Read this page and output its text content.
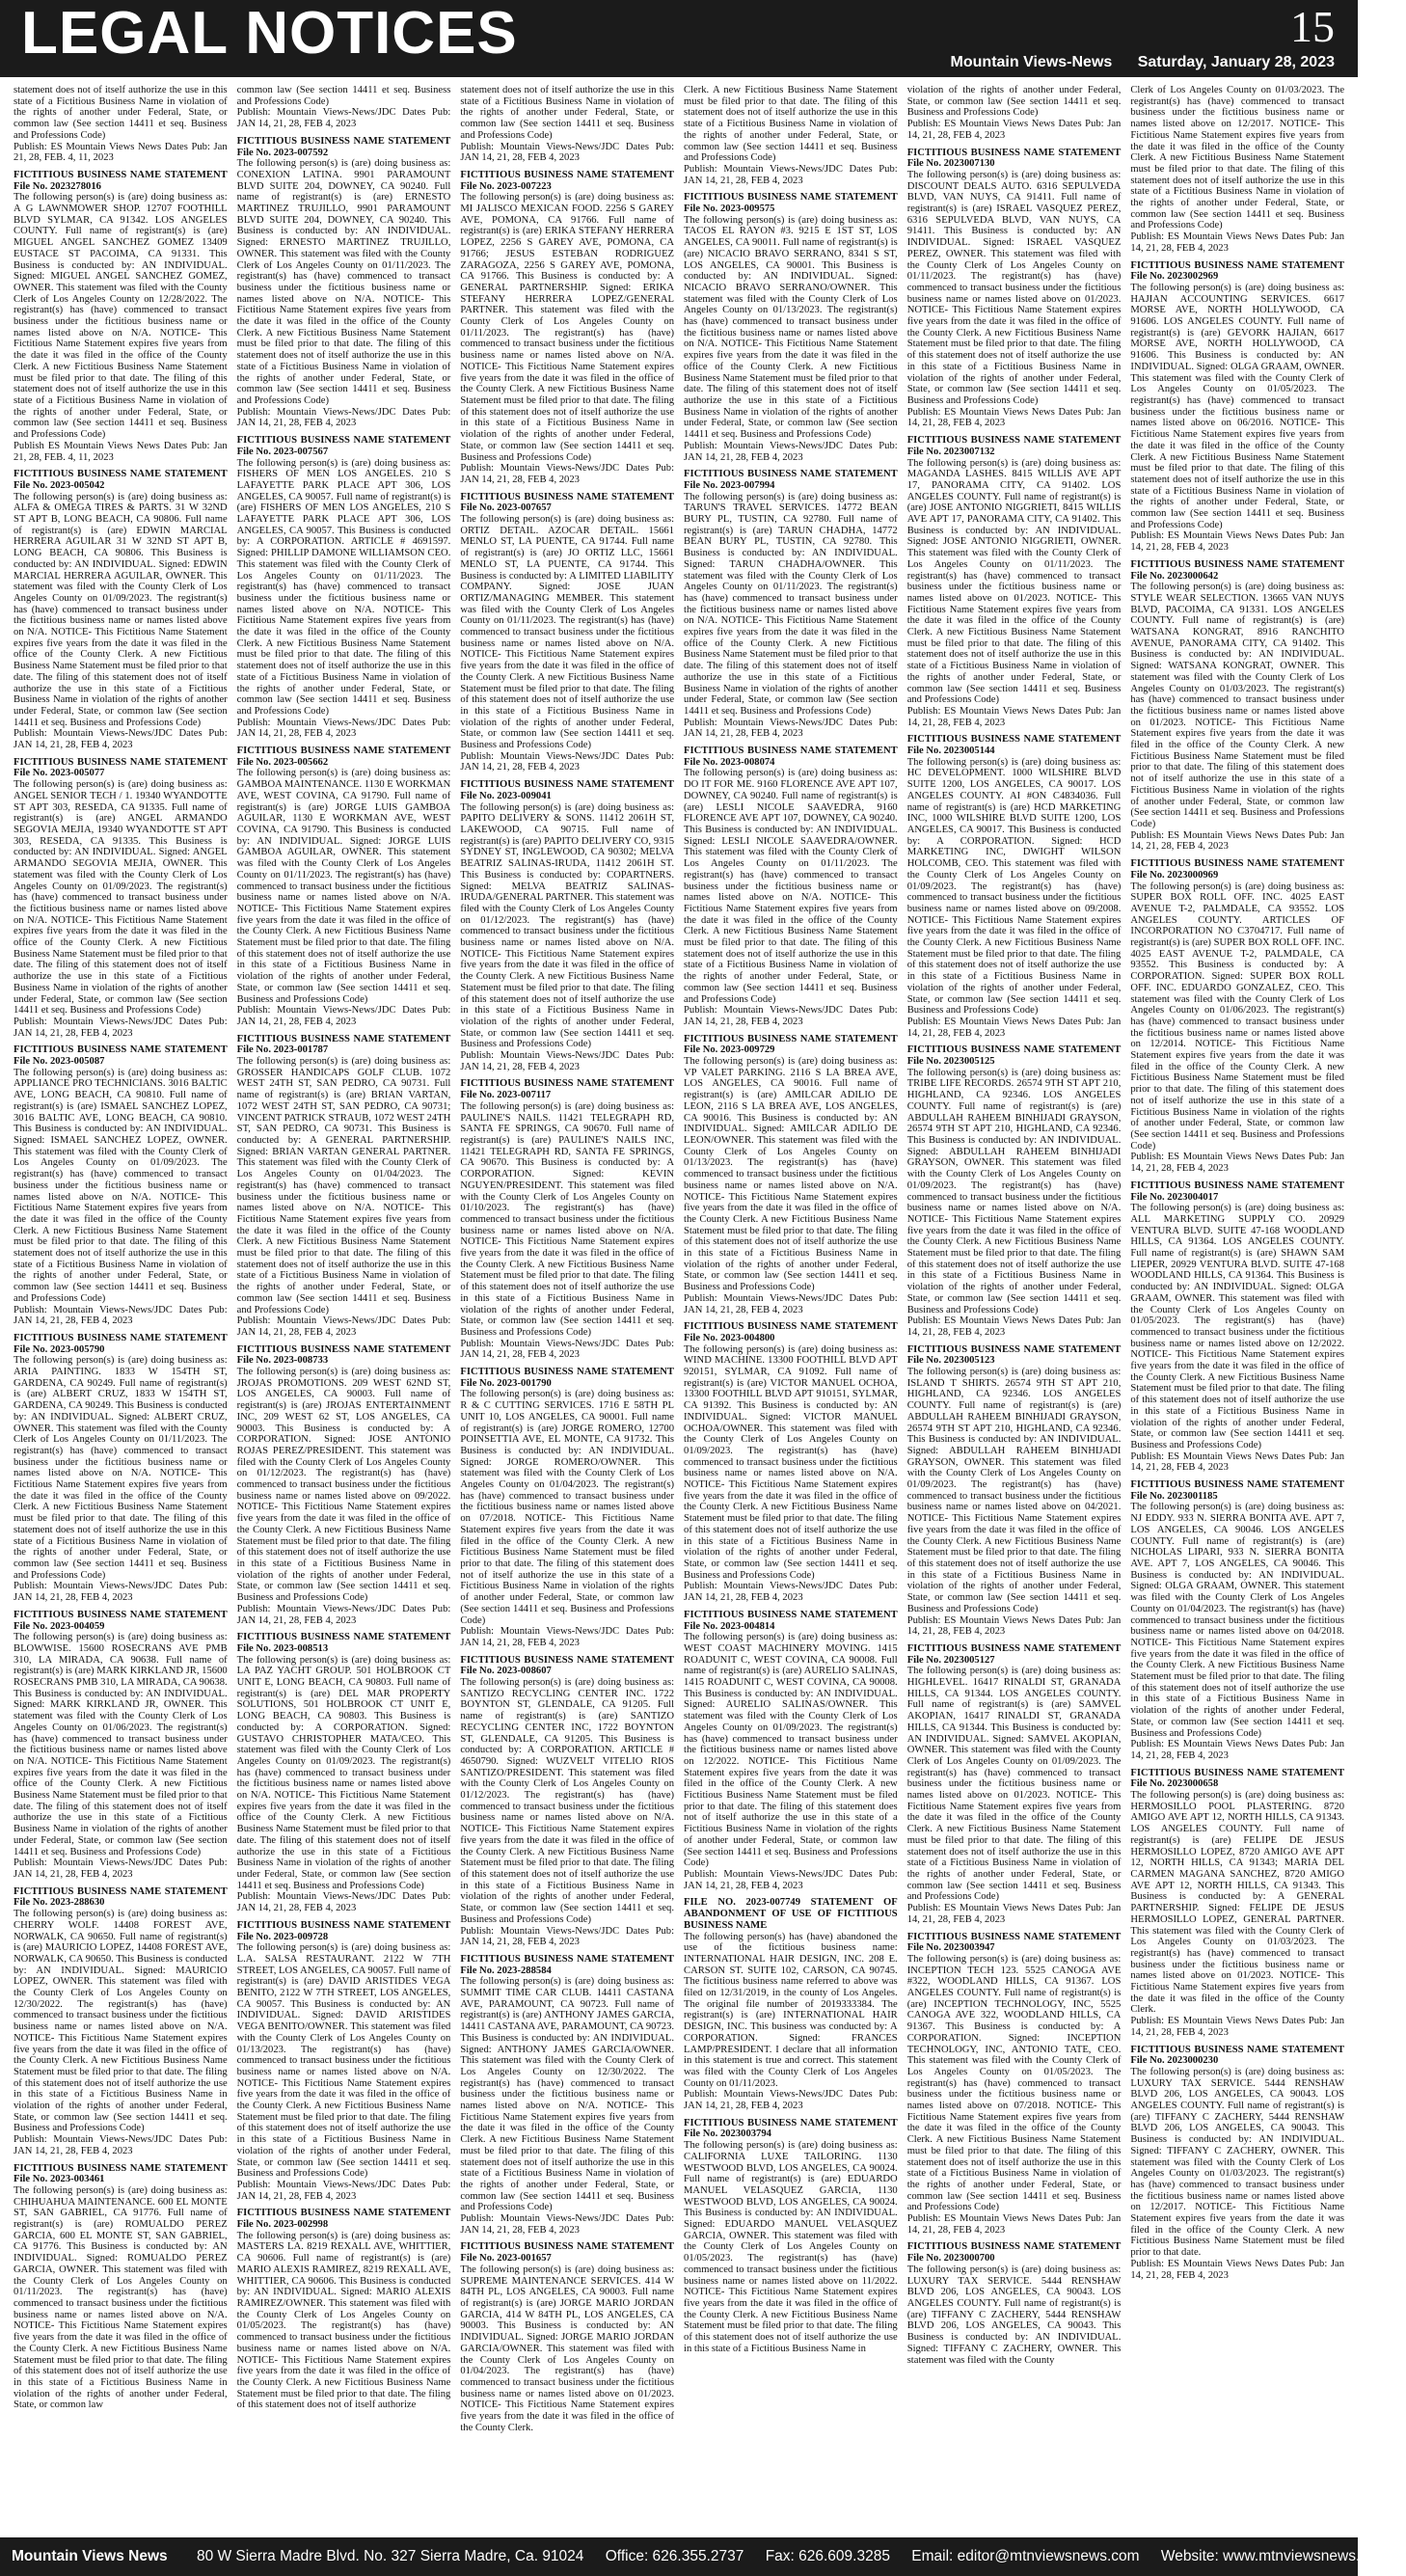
LEGAL NOTICES	15
Mountain Views-News Saturday, January 28, 2023

statement does not of itself authorize the use in this state of a Fictitious Business Name in violation of the rights of another under Federal, State, or common law (See section 14411 et seq. Business and Professions Code)

Publish: ES Mountain Views News Dates Pub: Jan 21, 28, FEB. 4, 11, 2023

FICTITIOUS BUSINESS NAME STATEMENT File No. 2023278016

The following person(s) is (are) doing business as: A G LAWNMOWER SHOP. 12707 FOOTHILL BLVD SYLMAR, CA 91342. LOS ANGELES COUNTY. Full name of registrant(s) is (are) MIGUEL ANGEL SANCHEZ GOMEZ 13409 EUSTACE ST PACOIMA, CA 91331. This Business is conducted by: AN INDIVIDUAL. Signed: MIGUEL ANGEL SANCHEZ GOMEZ, OWNER. This statement was filed with the County Clerk of Los Angeles County on 12/28/2022. The registrant(s) has (have) commenced to transact business under the fictitious business name or names listed above on N/A. NOTICE- This Fictitious Name Statement expires five years from the date it was filed in the office of the County Clerk. A new Fictitious Business Name Statement must be filed prior to that date. The filing of this statement does not of itself authorize the use in this state of a Fictitious Business Name in violation of the rights of another under Federal, State, or common law (See section 14411 et seq. Business and Professions Code)

Publish ES Mountain Views News Dates Pub: Jan 21, 28, FEB. 4, 11, 2023

FICTITIOUS BUSINESS NAME STATEMENT File No. 2023-005042

The following person(s) is (are) doing business as: ALFA & OMEGA TIRES & PARTS. 31 W 32ND ST APT B, LONG BEACH, CA 90806. Full name of registrant(s) is (are) EDWIN MARCIAL HERRERA AGUILAR 31 W 32ND ST APT B, LONG BEACH, CA 90806. This Business is conducted by: AN INDIVIDUAL. Signed: EDWIN MARCIAL HERRERA AGUILAR, OWNER. This statement was filed with the County Clerk of Los Angeles County on 01/09/2023. The registrant(s) has (have) commenced to transact business under the fictitious business name or names listed above on N/A. NOTICE- This Fictitious Name Statement expires five years from the date it was filed in the office of the County Clerk. A new Fictitious Business Name Statement must be filed prior to that date. The filing of this statement does not of itself authorize the use in this state of a Fictitious Business Name in violation of the rights of another under Federal, State, or common law (See section 14411 et seq. Business and Professions Code)

Publish: Mountain Views-News/JDC Dates Pub: JAN 14, 21, 28, FEB 4, 2023

FICTITIOUS BUSINESS NAME STATEMENT File No. 2023-005077

The following person(s) is (are) doing business as: ANGEL SENIOR TECH / 1. 19340 WYANDOTTE ST APT 303, RESEDA, CA 91335. Full name of registrant(s) is (are) ANGEL ARMANDO SEGOVIA MEJIA, 19340 WYANDOTTE ST APT 303, RESEDA, CA 91335. This Business is conducted by: AN INDIVIDUAL. Signed: ANGEL ARMANDO SEGOVIA MEJIA, OWNER. This statement was filed with the County Clerk of Los Angeles County on 01/09/2023. The registrant(s) has (have) commenced to transact business under the fictitious business name or names listed above on N/A. NOTICE- This Fictitious Name Statement expires five years from the date it was filed in the office of the County Clerk. A new Fictitious Business Name Statement must be filed prior to that date. The filing of this statement does not of itself authorize the use in this state of a Fictitious Business Name in violation of the rights of another under Federal, State, or common law (See section 14411 et seq. Business and Professions Code)

Publish: Mountain Views-News/JDC Dates Pub: JAN 14, 21, 28, FEB 4, 2023

FICTITIOUS BUSINESS NAME STATEMENT File No. 2023-005087

The following person(s) is (are) doing business as: APPLIANCE PRO TECHNICIANS. 3016 BALTIC AVE, LONG BEACH, CA 90810. Full name of registrant(s) is (are) ISMAEL SANCHEZ LOPEZ, 3016 BALTIC AVE, LONG BEACH, CA 90810. This Business is conducted by: AN INDIVIDUAL. Signed: ISMAEL SANCHEZ LOPEZ, OWNER. This statement was filed with the County Clerk of Los Angeles County on 01/09/2023. The registrant(s) has (have) commenced to transact business under the fictitious business name or names listed above on N/A. NOTICE- This Fictitious Name Statement expires five years from the date it was filed in the office of the County Clerk. A new Fictitious Business Name Statement must be filed prior to that date. The filing of this statement does not of itself authorize the use in this state of a Fictitious Business Name in violation of the rights of another under Federal, State, or common law (See section 14411 et seq. Business and Professions Code)

Publish: Mountain Views-News/JDC Dates Pub: JAN 14, 21, 28, FEB 4, 2023

FICTITIOUS BUSINESS NAME STATEMENT File No. 2023-005790

The following person(s) is (are) doing business as: ARIA PAINTING. 1833 W 154TH ST, GARDENA, CA 90249. Full name of registrant(s) is (are) ALBERT CRUZ, 1833 W 154TH ST, GARDENA, CA 90249. This Business is conducted by: AN INDIVIDUAL. Signed: ALBERT CRUZ, OWNER. This statement was filed with the County Clerk of Los Angeles County on 01/11/2023. The registrant(s) has (have) commenced to transact business under the fictitious business name or names listed above on N/A. NOTICE- This Fictitious Name Statement expires five years from the date it was filed in the office of the County Clerk. A new Fictitious Business Name Statement must be filed prior to that date. The filing of this statement does not of itself authorize the use in this state of a Fictitious Business Name in violation of the rights of another under Federal, State, or common law (See section 14411 et seq. Business and Professions Code)

Publish: Mountain Views-News/JDC Dates Pub: JAN 14, 21, 28, FEB 4, 2023

FICTITIOUS BUSINESS NAME STATEMENT File No. 2023-004059

The following person(s) is (are) doing business as: BLOWWISE. 15600 ROSECRANS AVE PMB 310, LA MIRADA, CA 90638. Full name of registrant(s) is (are) MARK KIRKLAND JR, 15600 ROSECRANS PMB 310, LA MIRADA, CA 90638. This Business is conducted by: AN INDIVIDUAL. Signed: MARK KIRKLAND JR, OWNER. This statement was filed with the County Clerk of Los Angeles County on 01/06/2023. The registrant(s) has (have) commenced to transact business under the fictitious business name or names listed above on N/A. NOTICE- This Fictitious Name Statement expires five years from the date it was filed in the office of the County Clerk. A new Fictitious Business Name Statement must be filed prior to that date. The filing of this statement does not of itself authorize the use in this state of a Fictitious Business Name in violation of the rights of another under Federal, State, or common law (See section 14411 et seq. Business and Professions Code)

Publish: Mountain Views-News/JDC Dates Pub: JAN 14, 21, 28, FEB 4, 2023

FICTITIOUS BUSINESS NAME STATEMENT File No. 2023-288630

The following person(s) is (are) doing business as: CHERRY WOLF. 14408 FOREST AVE, NORWALK, CA 90650. Full name of registrant(s) is (are) MAURICIO LOPEZ, 14408 FOREST AVE, NORWALK, CA 90650. This Business is conducted by: AN INDIVIDUAL. Signed: MAURICIO LOPEZ, OWNER. This statement was filed with the County Clerk of Los Angeles County on 12/30/2022. The registrant(s) has (have) commenced to transact business under the fictitious business name or names listed above on N/A. NOTICE- This Fictitious Name Statement expires five years from the date it was filed in the office of the County Clerk. A new Fictitious Business Name Statement must be filed prior to that date. The filing of this statement does not of itself authorize the use in this state of a Fictitious Business Name in violation of the rights of another under Federal, State, or common law (See section 14411 et seq. Business and Professions Code)

Publish: Mountain Views-News/JDC Dates Pub: JAN 14, 21, 28, FEB 4, 2023

FICTITIOUS BUSINESS NAME STATEMENT File No. 2023-003461

The following person(s) is (are) doing business as: CHIHUAHUA MAINTENANCE. 600 EL MONTE ST, SAN GABRIEL, CA 91776. Full name of registrant(s) is (are) ROMUALDO PEREZ GARCIA, 600 EL MONTE ST, SAN GABRIEL, CA 91776. This Business is conducted by: AN INDIVIDUAL. Signed: ROMUALDO PEREZ GARCIA, OWNER. This statement was filed with the County Clerk of Los Angeles County on 01/11/2023. The registrant(s) has (have) commenced to transact business under the fictitious business name or names listed above on N/A. NOTICE- This Fictitious Name Statement expires five years from the date it was filed in the office of the County Clerk. A new Fictitious Business Name Statement must be filed prior to that date. The filing of this statement does not of itself authorize the use in this state of a Fictitious Business Name in violation of the rights of another under Federal, State, or common law

common law (See section 14411 et seq. Business and Professions Code)

Publish: Mountain Views-News/JDC Dates Pub: JAN 14, 21, 28, FEB 4, 2023

FICTITIOUS BUSINESS NAME STATEMENT File No. 2023-007592

The following person(s) is (are) doing business as: CONEXION LATINA. 9901 PARAMOUNT BLVD SUITE 204, DOWNEY, CA 90240. Full name of registrant(s) is (are) ERNESTO MARTINEZ TRUJILLO, 9901 PARAMOUNT BLVD SUITE 204, DOWNEY, CA 90240. This Business is conducted by: AN INDIVIDUAL. Signed: ERNESTO MARTINEZ TRUJILLO, OWNER. This statement was filed with the County Clerk of Los Angeles County on 01/11/2023. The registrant(s) has (have) commenced to transact business under the fictitious business name or names listed above on N/A. NOTICE- This Fictitious Name Statement expires five years from the date it was filed in the office of the County Clerk. A new Fictitious Business Name Statement must be filed prior to that date. The filing of this statement does not of itself authorize the use in this state of a Fictitious Business Name in violation of the rights of another under Federal, State, or common law (See section 14411 et seq. Business and Professions Code)

Publish: Mountain Views-News/JDC Dates Pub: JAN 14, 21, 28, FEB 4, 2023

FICTITIOUS BUSINESS NAME STATEMENT File No. 2023-007567

The following person(s) is (are) doing business as: FISHERS OF MEN LOS ANGELES. 210 S LAFAYETTE PARK PLACE APT 306, LOS ANGELES, CA 90057. Full name of registrant(s) is (are) FISHERS OF MEN LOS ANGELES, 210 S LAFAYETTE PARK PLACE APT 306, LOS ANGELES, CA 90057. This Business is conducted by: A CORPORATION. ARTICLE # 4691597. Signed: PHILLIP DAMONE WILLIAMSON CEO. This statement was filed with the County Clerk of Los Angeles County on 01/11/2023. The registrant(s) has (have) commenced to transact business under the fictitious business name or names listed above on N/A. NOTICE- This Fictitious Name Statement expires five years from the date it was filed in the office of the County Clerk. A new Fictitious Business Name Statement must be filed prior to that date. The filing of this statement does not of itself authorize the use in this state of a Fictitious Business Name in violation of the rights of another under Federal, State, or common law (See section 14411 et seq. Business and Professions Code)

Publish: Mountain Views-News/JDC Dates Pub: JAN 14, 21, 28, FEB 4, 2023

FICTITIOUS BUSINESS NAME STATEMENT File No. 2023-005662

The following person(s) is (are) doing business as: GAMBOA MAINTENANCE. 1130 E WORKMAN AVE, WEST COVINA, CA 91790. Full name of registrant(s) is (are) JORGE LUIS GAMBOA AGUILAR, 1130 E WORKMAN AVE, WEST COVINA, CA 91790. This Business is conducted by: AN INDIVIDUAL. Signed: JORGE LUIS GAMBOA AGUILAR, OWNER. This statement was filed with the County Clerk of Los Angeles County on 01/11/2023. The registrant(s) has (have) commenced to transact business under the fictitious business name or names listed above on N/A. NOTICE- This Fictitious Name Statement expires five years from the date it was filed in the office of the County Clerk. A new Fictitious Business Name Statement must be filed prior to that date. The filing of this statement does not of itself authorize the use in this state of a Fictitious Business Name in violation of the rights of another under Federal, State, or common law (See section 14411 et seq. Business and Professions Code)

Publish: Mountain Views-News/JDC Dates Pub: JAN 14, 21, 28, FEB 4, 2023

FICTITIOUS BUSINESS NAME STATEMENT File No. 2023-001787

The following person(s) is (are) doing business as: GROSSER HANDICAPS GOLF CLUB. 1072 WEST 24TH ST, SAN PEDRO, CA 90731. Full name of registrant(s) is (are) BRIAN VARTAN, 1072 WEST 24TH ST, SAN PEDRO, CA 90731; VINCENT PATRICK STRAUB, 1072 WEST 24TH ST, SAN PEDRO, CA 90731. This Business is conducted by: A GENERAL PARTNERSHIP. Signed: BRIAN VARTAN GENERAL PARTNER. This statement was filed with the County Clerk of Los Angeles County on 01/04/2023. The registrant(s) has (have) commenced to transact business under the fictitious business name or names listed above on N/A. NOTICE- This Fictitious Name Statement expires five years from the date it was filed in the office of the County Clerk. A new Fictitious Business Name Statement must be filed prior to that date. The filing of this statement does not of itself authorize the use in this state of a Fictitious Business Name in violation of the rights of another under Federal, State, or common law (See section 14411 et seq. Business and Professions Code)

Publish: Mountain Views-News/JDC Dates Pub: JAN 14, 21, 28, FEB 4, 2023

FICTITIOUS BUSINESS NAME STATEMENT File No. 2023-008733

The following person(s) is (are) doing business as: JROJAS PROMOTIONS. 209 WEST 62ND ST, LOS ANGELES, CA 90003. Full name of registrant(s) is (are) JROJAS ENTERTAINMENT INC, 209 WEST 62 ST, LOS ANGELES, CA 90003. This Business is conducted by: A CORPORATION. Signed: JOSE ANTONIO ROJAS PEREZ/PRESIDENT. This statement was filed with the County Clerk of Los Angeles County on 01/12/2023. The registrant(s) has (have) commenced to transact business under the fictitious business name or names listed above on 09/2022. NOTICE- This Fictitious Name Statement expires five years from the date it was filed in the office of the County Clerk. A new Fictitious Business Name Statement must be filed prior to that date. The filing of this statement does not of itself authorize the use in this state of a Fictitious Business Name in violation of the rights of another under Federal, State, or common law (See section 14411 et seq. Business and Professions Code)

Publish: Mountain Views-News/JDC Dates Pub: JAN 14, 21, 28, FEB 4, 2023

FICTITIOUS BUSINESS NAME STATEMENT File No. 2023-008513

The following person(s) is (are) doing business as: LA PAZ YACHT GROUP. 501 HOLBROOK CT UNIT E, LONG BEACH, CA 90803. Full name of registrant(s) is (are) DEL MAR PROPERTY SOLUTIONS, 501 HOLBROOK CT UNIT E, LONG BEACH, CA 90803. This Business is conducted by: A CORPORATION. Signed: GUSTAVO CHRISTOPHER MATA/CEO. This statement was filed with the County Clerk of Los Angeles County on 01/09/2023. The registrant(s) has (have) commenced to transact business under the fictitious business name or names listed above on N/A. NOTICE- This Fictitious Name Statement expires five years from the date it was filed in the office of the County Clerk. A new Fictitious Business Name Statement must be filed prior to that date. The filing of this statement does not of itself authorize the use in this state of a Fictitious Business Name in violation of the rights of another under Federal, State, or common law (See section 14411 et seq. Business and Professions Code)

Publish: Mountain Views-News/JDC Dates Pub: JAN 14, 21, 28, FEB 4, 2023

FICTITIOUS BUSINESS NAME STATEMENT File No. 2023-009728

The following person(s) is (are) doing business as: L.A. SALSA RESTAURANT. 2122 W 7TH STREET, LOS ANGELES, CA 90057. Full name of registrant(s) is (are) DAVID ARISTIDES VEGA BENITO, 2122 W 7TH STREET, LOS ANGELES, CA 90057. This Business is conducted by: AN INDIVIDUAL. Signed: DAVID ARISTIDES VEGA BENITO/OWNER. This statement was filed with the County Clerk of Los Angeles County on 01/13/2023. The registrant(s) has (have) commenced to transact business under the fictitious business name or names listed above on N/A. NOTICE- This Fictitious Name Statement expires five years from the date it was filed in the office of the County Clerk. A new Fictitious Business Name Statement must be filed prior to that date. The filing of this statement does not of itself authorize the use in this state of a Fictitious Business Name in violation of the rights of another under Federal, State, or common law (See section 14411 et seq. Business and Professions Code)

Publish: Mountain Views-News/JDC Dates Pub: JAN 14, 21, 28, FEB 4, 2023

FICTITIOUS BUSINESS NAME STATEMENT File No. 2023-002998

The following person(s) is (are) doing business as: MASTERS LA. 8219 REXALL AVE, WHITTIER, CA 90606. Full name of registrant(s) is (are) MARIO ALEXIS RAMIREZ, 8219 REXALL AVE, WHITTIER, CA 90606. This Business is conducted by: AN INDIVIDUAL. Signed: MARIO ALEXIS RAMIREZ/OWNER. This statement was filed with the County Clerk of Los Angeles County on 01/05/2023. The registrant(s) has (have) commenced to transact business under the fictitious business name or names listed above on N/A. NOTICE- This Fictitious Name Statement expires five years from the date it was filed in the office of the County Clerk. A new Fictitious Business Name Statement must be filed prior to that date. The filing of this statement does not of itself authorize

statement does not of itself authorize the use in this state of a Fictitious Business Name in violation of the rights of another under Federal, State, or common law (See section 14411 et seq. Business and Professions Code)

Publish: Mountain Views-News/JDC Dates Pub: JAN 14, 21, 28, FEB 4, 2023

FICTITIOUS BUSINESS NAME STATEMENT File No. 2023-007223

The following person(s) is (are) doing business as: MI JALISCO MEXICAN FOOD. 2256 S GAREY AVE, POMONA, CA 91766. Full name of registrant(s) is (are) ERIKA STEFANY HERRERA LOPEZ, 2256 S GAREY AVE, POMONA, CA 91766; JESUS ESTEBAN RODRIGUEZ ZARAGOZA, 2256 S GAREY AVE, POMONA, CA 91766. This Business is conducted by: A GENERAL PARTNERSHIP. Signed: ERIKA STEFANY HERRERA LOPEZ/GENERAL PARTNER. This statement was filed with the County Clerk of Los Angeles County on 01/11/2023. The registrant(s) has (have) commenced to transact business under the fictitious business name or names listed above on N/A. NOTICE- This Fictitious Name Statement expires five years from the date it was filed in the office of the County Clerk. A new Fictitious Business Name Statement must be filed prior to that date. The filing of this statement does not of itself authorize the use in this state of a Fictitious Business Name in violation of the rights of another under Federal, State, or common law (See section 14411 et seq. Business and Professions Code)

Publish: Mountain Views-News/JDC Dates Pub: JAN 14, 21, 28, FEB 4, 2023

FICTITIOUS BUSINESS NAME STATEMENT File No. 2023-007657

The following person(s) is (are) doing business as: ORTIZ DETAIL. AZOCAR DETAIL. 15661 MENLO ST, LA PUENTE, CA 91744. Full name of registrant(s) is (are) JO ORTIZ LLC, 15661 MENLO ST, LA PUENTE, CA 91744. This Business is conducted by: A LIMITED LIABILITY COMPANY. Signed: JOSE JUAN ORTIZ/MANAGING MEMBER. This statement was filed with the County Clerk of Los Angeles County on 01/11/2023. The registrant(s) has (have) commenced to transact business under the fictitious business name or names listed above on N/A. NOTICE- This Fictitious Name Statement expires five years from the date it was filed in the office of the County Clerk. A new Fictitious Business Name Statement must be filed prior to that date. The filing of this statement does not of itself authorize the use in this state of a Fictitious Business Name in violation of the rights of another under Federal, State, or common law (See section 14411 et seq. Business and Professions Code)

Publish: Mountain Views-News/JDC Dates Pub: JAN 14, 21, 28, FEB 4, 2023

FICTITIOUS BUSINESS NAME STATEMENT File No. 2023-009041

The following person(s) is (are) doing business as: PAPITO DELIVERY & SONS. 11412 2061H ST, LAKEWOOD, CA 90715. Full name of registrant(s) is (are) PAPITO DELIVERY CO, 9315 SYDNEY ST, INGLEWOOD, CA 90302; MELVA BEATRIZ SALINAS-IRUDA, 11412 2061H ST. This Business is conducted by: COPARTNERS. Signed: MELVA BEATRIZ SALINAS-IRUDA/GENERAL PARTNER. This statement was filed with the County Clerk of Los Angeles County on 01/12/2023. The registrant(s) has (have) commenced to transact business under the fictitious business name or names listed above on N/A. NOTICE- This Fictitious Name Statement expires five years from the date it was filed in the office of the County Clerk. A new Fictitious Business Name Statement must be filed prior to that date. The filing of this statement does not of itself authorize the use in this state of a Fictitious Business Name in violation of the rights of another under Federal, State, or common law (See section 14411 et seq. Business and Professions Code)

Publish: Mountain Views-News/JDC Dates Pub: JAN 14, 21, 28, FEB 4, 2023

FICTITIOUS BUSINESS NAME STATEMENT File No. 2023-007117

The following person(s) is (are) doing business as: PAULINE'S NAILS. 11421 TELEGRAPH RD, SANTA FE SPRINGS, CA 90670. Full name of registrant(s) is (are) PAULINE'S NAILS INC, 11421 TELEGRAPH RD, SANTA FE SPRINGS, CA 90670. This Business is conducted by: A CORPORATION. Signed: KEVIN NGUYEN/PRESIDENT. This statement was filed with the County Clerk of Los Angeles County on 01/10/2023. The registrant(s) has (have) commenced to transact business under the fictitious business name or names listed above on N/A. NOTICE- This Fictitious Name Statement expires five years from the date it was filed in the office of the County Clerk. A new Fictitious Business Name Statement must be filed prior to that date. The filing of this statement does not of itself authorize the use in this state of a Fictitious Business Name in violation of the rights of another under Federal, State, or common law (See section 14411 et seq. Business and Professions Code)

Publish: Mountain Views-News/JDC Dates Pub: JAN 14, 21, 28, FEB 4, 2023

FICTITIOUS BUSINESS NAME STATEMENT File No. 2023-001790

The following person(s) is (are) doing business as: R & C CUTTING SERVICES. 1716 E 58TH PL UNIT 10, LOS ANGELES, CA 90001. Full name of registrant(s) is (are) JORGE ROMERO, 12700 POINSETTIA AVE, EL MONTE, CA 91732. This Business is conducted by: AN INDIVIDUAL. Signed: JORGE ROMERO/OWNER. This statement was filed with the County Clerk of Los Angeles County on 01/04/2023. The registrant(s) has (have) commenced to transact business under the fictitious business name or names listed above on 07/2018. NOTICE- This Fictitious Name Statement expires five years from the date it was filed in the office of the County Clerk. A new Fictitious Business Name Statement must be filed prior to that date. The filing of this statement does not of itself authorize the use in this state of a Fictitious Business Name in violation of the rights of another under Federal, State, or common law (See section 14411 et seq. Business and Professions Code)

Publish: Mountain Views-News/JDC Dates Pub: JAN 14, 21, 28, FEB 4, 2023

FICTITIOUS BUSINESS NAME STATEMENT File No. 2023-008607

The following person(s) is (are) doing business as: SANTIZO RECYCLING CENTER INC. 1722 BOYNTON ST, GLENDALE, CA 91205. Full name of registrant(s) is (are) SANTIZO RECYCLING CENTER INC, 1722 BOYNTON ST, GLENDALE, CA 91205. This Business is conducted by: A CORPORATION. ARTICLE # 4650790. Signed: WUZVELT VITELIO RIOS SANTIZO/PRESIDENT. This statement was filed with the County Clerk of Los Angeles County on 01/12/2023. The registrant(s) has (have) commenced to transact business under the fictitious business name or names listed above on N/A. NOTICE- This Fictitious Name Statement expires five years from the date it was filed in the office of the County Clerk. A new Fictitious Business Name Statement must be filed prior to that date. The filing of this statement does not of itself authorize the use in this state of a Fictitious Business Name in violation of the rights of another under Federal, State, or common law (See section 14411 et seq. Business and Professions Code)

Publish: Mountain Views-News/JDC Dates Pub: JAN 14, 21, 28, FEB 4, 2023

FICTITIOUS BUSINESS NAME STATEMENT File No. 2023-288584

The following person(s) is (are) doing business as: SUMMIT TIME CAR CLUB. 14411 CASTANA AVE, PARAMOUNT, CA 90723. Full name of registrant(s) is (are) ANTHONY JAMES GARCIA, 14411 CASTANA AVE, PARAMOUNT, CA 90723. This Business is conducted by: AN INDIVIDUAL. Signed: ANTHONY JAMES GARCIA/OWNER. This statement was filed with the County Clerk of Los Angeles County on 12/30/2022. The registrant(s) has (have) commenced to transact business under the fictitious business name or names listed above on N/A. NOTICE- This Fictitious Name Statement expires five years from the date it was filed in the office of the County Clerk. A new Fictitious Business Name Statement must be filed prior to that date. The filing of this statement does not of itself authorize the use in this state of a Fictitious Business Name in violation of the rights of another under Federal, State, or common law (See section 14411 et seq. Business and Professions Code)

Publish: Mountain Views-News/JDC Dates Pub: JAN 14, 21, 28, FEB 4, 2023

FICTITIOUS BUSINESS NAME STATEMENT File No. 2023-001657

The following person(s) is (are) doing business as: SUPREME MAINTENANCE SERVICES. 414 W 84TH PL, LOS ANGELES, CA 90003. Full name of registrant(s) is (are) JORGE MARIO JORDAN GARCIA, 414 W 84TH PL, LOS ANGELES, CA 90003. This Business is conducted by: AN INDIVIDUAL. Signed: JORGE MARIO JORDAN GARCIA/OWNER. This statement was filed with the County Clerk of Los Angeles County on 01/04/2023. The registrant(s) has (have) commenced to transact business under the fictitious business name or names listed above on 01/2023. NOTICE- This Fictitious Name Statement expires five years from the date it was filed in the office of the County Clerk.

Clerk. A new Fictitious Business Name Statement must be filed prior to that date. The filing of this statement does not of itself authorize the use in this state of a Fictitious Business Name in violation of the rights of another under Federal, State, or common law (See section 14411 et seq. Business and Professions Code)

Publish: Mountain Views-News/JDC Dates Pub: JAN 14, 21, 28, FEB 4, 2023

FICTITIOUS BUSINESS NAME STATEMENT File No. 2023-009575

The following person(s) is (are) doing business as: TACOS EL RAYON #3. 9215 E 1ST ST, LOS ANGELES, CA 90011. Full name of registrant(s) is (are) NICACIO BRAVO SERRANO, 8341 S ST, LOS ANGELES, CA 90001. This Business is conducted by: AN INDIVIDUAL. Signed: NICACIO BRAVO SERRANO/OWNER. This statement was filed with the County Clerk of Los Angeles County on 01/13/2023. The registrant(s) has (have) commenced to transact business under the fictitious business name or names listed above on N/A. NOTICE- This Fictitious Name Statement expires five years from the date it was filed in the office of the County Clerk. A new Fictitious Business Name Statement must be filed prior to that date. The filing of this statement does not of itself authorize the use in this state of a Fictitious Business Name in violation of the rights of another under Federal, State, or common law (See section 14411 et seq. Business and Professions Code)

Publish: Mountain Views-News/JDC Dates Pub: JAN 14, 21, 28, FEB 4, 2023

FICTITIOUS BUSINESS NAME STATEMENT File No. 2023-007994

The following person(s) is (are) doing business as: TARUN'S TRAVEL SERVICES. 14772 BEAN BURY PL, TUSTIN, CA 92780. Full name of registrant(s) is (are) TARUN CHADHA, 14772 BEAN BURY PL, TUSTIN, CA 92780. This Business is conducted by: AN INDIVIDUAL. Signed: TARUN CHADHA/OWNER. This statement was filed with the County Clerk of Los Angeles County on 01/11/2023. The registrant(s) has (have) commenced to transact business under the fictitious business name or names listed above on N/A. NOTICE- This Fictitious Name Statement expires five years from the date it was filed in the office of the County Clerk. A new Fictitious Business Name Statement must be filed prior to that date. The filing of this statement does not of itself authorize the use in this state of a Fictitious Business Name in violation of the rights of another under Federal, State, or common law (See section 14411 et seq. Business and Professions Code)

Publish: Mountain Views-News/JDC Dates Pub: JAN 14, 21, 28, FEB 4, 2023

FICTITIOUS BUSINESS NAME STATEMENT File No. 2023-008074

The following person(s) is (are) doing business as: DO IT FOR ME. 9160 FLORENCE AVE APT 107, DOWNEY, CA 90240. Full name of registrant(s) is (are) LESLI NICOLE SAAVEDRA, 9160 FLORENCE AVE APT 107, DOWNEY, CA 90240. This Business is conducted by: AN INDIVIDUAL. Signed: LESLI NICOLE SAAVEDRA/OWNER. This statement was filed with the County Clerk of Los Angeles County on 01/11/2023. The registrant(s) has (have) commenced to transact business under the fictitious business name or names listed above on N/A. NOTICE- This Fictitious Name Statement expires five years from the date it was filed in the office of the County Clerk. A new Fictitious Business Name Statement must be filed prior to that date. The filing of this statement does not of itself authorize the use in this state of a Fictitious Business Name in violation of the rights of another under Federal, State, or common law (See section 14411 et seq. Business and Professions Code)

Publish: Mountain Views-News/JDC Dates Pub: JAN 14, 21, 28, FEB 4, 2023

FICTITIOUS BUSINESS NAME STATEMENT File No. 2023-009729

The following person(s) is (are) doing business as: VP VALET PARKING. 2116 S LA BREA AVE, LOS ANGELES, CA 90016. Full name of registrant(s) is (are) AMILCAR ADILIO DE LEON, 2116 S LA BREA AVE, LOS ANGELES, CA 90016. This Business is conducted by: AN INDIVIDUAL. Signed: AMILCAR ADILIO DE LEON/OWNER. This statement was filed with the County Clerk of Los Angeles County on 01/13/2023. The registrant(s) has (have) commenced to transact business under the fictitious business name or names listed above on N/A. NOTICE- This Fictitious Name Statement expires five years from the date it was filed in the office of the County Clerk. A new Fictitious Business Name Statement must be filed prior to that date. The filing of this statement does not of itself authorize the use in this state of a Fictitious Business Name in violation of the rights of another under Federal, State, or common law (See section 14411 et seq. Business and Professions Code)

Publish: Mountain Views-News/JDC Dates Pub: JAN 14, 21, 28, FEB 4, 2023

FICTITIOUS BUSINESS NAME STATEMENT File No. 2023-004800

The following person(s) is (are) doing business as: WIND MACHINE. 13300 FOOTHILL BLVD APT 920151, SYLMAR, CA 91092. Full name of registrant(s) is (are) VICTOR MANUEL OCHOA, 13300 FOOTHILL BLVD APT 910151, SYLMAR, CA 91392. This Business is conducted by: AN INDIVIDUAL. Signed: VICTOR MANUEL OCHOA/OWNER. This statement was filed with the County Clerk of Los Angeles County on 01/09/2023. The registrant(s) has (have) commenced to transact business under the fictitious business name or names listed above on N/A. NOTICE- This Fictitious Name Statement expires five years from the date it was filed in the office of the County Clerk. A new Fictitious Business Name Statement must be filed prior to that date. The filing of this statement does not of itself authorize the use in this state of a Fictitious Business Name in violation of the rights of another under Federal, State, or common law (See section 14411 et seq. Business and Professions Code)

Publish: Mountain Views-News/JDC Dates Pub: JAN 14, 21, 28, FEB 4, 2023

FICTITIOUS BUSINESS NAME STATEMENT File No. 2023-004814

The following person(s) is (are) doing business as: WEST COAST MACHINERY MOVING. 1415 ROADUNIT C, WEST COVINA, CA 90008. Full name of registrant(s) is (are) AURELIO SALINAS, 1415 ROADUNIT C, WEST COVINA, CA 90008. This Business is conducted by: AN INDIVIDUAL. Signed: AURELIO SALINAS/OWNER. This statement was filed with the County Clerk of Los Angeles County on 01/09/2023. The registrant(s) has (have) commenced to transact business under the fictitious business name or names listed above on 12/2022. NOTICE- This Fictitious Name Statement expires five years from the date it was filed in the office of the County Clerk. A new Fictitious Business Name Statement must be filed prior to that date. The filing of this statement does not of itself authorize the use in this state of a Fictitious Business Name in violation of the rights of another under Federal, State, or common law (See section 14411 et seq. Business and Professions Code)

Publish: Mountain Views-News/JDC Dates Pub: JAN 14, 21, 28, FEB 4, 2023

FILE NO. 2023-007749 STATEMENT OF ABANDONMENT OF USE OF FICTITIOUS BUSINESS NAME

The following person(s) has (have) abandoned the use of the fictitious business name: INTERNATIONAL HAIR DESIGN, INC. 208 E. CARSON ST. SUITE 102, CARSON, CA 90745. The fictitious business name referred to above was filed on 12/31/2019, in the county of Los Angeles. The original file number of 2019333384. The registrant(s) is (are) INTERNATIONAL HAIR DESIGN, INC. This business was conducted by: A CORPORATION. Signed: FRANCES LAMP/PRESIDENT. I declare that all information in this statement is true and correct. This statement was filed with the County Clerk of Los Angeles County on 01/11/2023.

Publish: Mountain Views-News/JDC Dates Pub: JAN 14, 21, 28, FEB 4, 2023

FICTITIOUS BUSINESS NAME STATEMENT File No. 2023003794

The following person(s) is (are) doing business as: CALIFORNIA LUXE TAILORING. 1130 WESTWOOD BLVD, LOS ANGELES, CA 90024. Full name of registrant(s) is (are) EDUARDO MANUEL VELASQUEZ GARCIA, 1130 WESTWOOD BLVD, LOS ANGELES, CA 90024. This Business is conducted by: AN INDIVIDUAL. Signed: EDUARDO MANUEL VELASQUEZ GARCIA, OWNER. This statement was filed with the County Clerk of Los Angeles County on 01/05/2023. The registrant(s) has (have) commenced to transact business under the fictitious business name or names listed above on 11/2022. NOTICE- This Fictitious Name Statement expires five years from the date it was filed in the office of the County Clerk. A new Fictitious Business Name Statement must be filed prior to that date. The filing of this statement does not of itself authorize the use in this state of a Fictitious Business Name in

violation of the rights of another under Federal, State, or common law (See section 14411 et seq. Business and Professions Code)

Publish: ES Mountain Views News Dates Pub: Jan 14, 21, 28, FEB 4, 2023

FICTITIOUS BUSINESS NAME STATEMENT File No. 2023007130

The following person(s) is (are) doing business as: DISCOUNT DEALS AUTO. 6316 SEPULVEDA BLVD, VAN NUYS, CA 91411. Full name of registrant(s) is (are) ISRAEL VASQUEZ PEREZ, 6316 SEPULVEDA BLVD, VAN NUYS, CA 91411. This Business is conducted by: AN INDIVIDUAL. Signed: ISRAEL VASQUEZ PEREZ, OWNER. This statement was filed with the County Clerk of Los Angeles County on 01/11/2023. The registrant(s) has (have) commenced to transact business under the fictitious business name or names listed above on 01/2023. NOTICE- This Fictitious Name Statement expires five years from the date it was filed in the office of the County Clerk. A new Fictitious Business Name Statement must be filed prior to that date. The filing of this statement does not of itself authorize the use in this state of a Fictitious Business Name in violation of the rights of another under Federal, State, or common law (See section 14411 et seq. Business and Professions Code)

Publish: ES Mountain Views News Dates Pub: Jan 14, 21, 28, FEB 4, 2023

FICTITIOUS BUSINESS NAME STATEMENT File No. 2023007132

The following person(s) is (are) doing business as: MAGANDA LASHES. 8415 WILLIS AVE APT 17, PANORAMA CITY, CA 91402. LOS ANGELES COUNTY. Full name of registrant(s) is (are) JOSE ANTONIO NIGGRIETI, 8415 WILLIS AVE APT 17, PANORAMA CITY, CA 91402. This Business is conducted by: AN INDIVIDUAL. Signed: JOSE ANTONIO NIGGRIETI, OWNER. This statement was filed with the County Clerk of Los Angeles County on 01/11/2023. The registrant(s) has (have) commenced to transact business under the fictitious business name or names listed above on 01/2023. NOTICE- This Fictitious Name Statement expires five years from the date it was filed in the office of the County Clerk. A new Fictitious Business Name Statement must be filed prior to that date. The filing of this statement does not of itself authorize the use in this state of a Fictitious Business Name in violation of the rights of another under Federal, State, or common law (See section 14411 et seq. Business and Professions Code)

Publish: ES Mountain Views News Dates Pub: Jan 14, 21, 28, FEB 4, 2023

FICTITIOUS BUSINESS NAME STATEMENT File No. 2023005144

The following person(s) is (are) doing business as: HC DEVELOPMENT. 1000 WILSHIRE BLVD SUITE 1200, LOS ANGELES, CA 90017. LOS ANGELES COUNTY. AI #ON C4834036. Full name of registrant(s) is (are) HCD MARKETING INC, 1000 WILSHIRE BLVD SUITE 1200, LOS ANGELES, CA 90017. This Business is conducted by: A CORPORATION. Signed: HCD MARKETING INC, DWIGHT WILSON HOLCOMB, CEO. This statement was filed with the County Clerk of Los Angeles County on 01/09/2023. The registrant(s) has (have) commenced to transact business under the fictitious business name or names listed above on 09/2008. NOTICE- This Fictitious Name Statement expires five years from the date it was filed in the office of the County Clerk. A new Fictitious Business Name Statement must be filed prior to that date. The filing of this statement does not of itself authorize the use in this state of a Fictitious Business Name in violation of the rights of another under Federal, State, or common law (See section 14411 et seq. Business and Professions Code)

Publish: ES Mountain Views News Dates Pub: Jan 14, 21, 28, FEB 4, 2023

FICTITIOUS BUSINESS NAME STATEMENT File No. 2023005125

The following person(s) is (are) doing business as: TRIBE LIFE RECORDS. 26574 9TH ST APT 210, HIGHLAND, CA 92346. LOS ANGELES COUNTY. Full name of registrant(s) is (are) ABDULLAH RAHEEM BINHIJADI GRAYSON, 26574 9TH ST APT 210, HIGHLAND, CA 92346. This Business is conducted by: AN INDIVIDUAL. Signed: ABDULLAH RAHEEM BINHIJADI GRAYSON, OWNER. This statement was filed with the County Clerk of Los Angeles County on 01/09/2023. The registrant(s) has (have) commenced to transact business under the fictitious business name or names listed above on N/A. NOTICE- This Fictitious Name Statement expires five years from the date it was filed in the office of the County Clerk. A new Fictitious Business Name Statement must be filed prior to that date. The filing of this statement does not of itself authorize the use in this state of a Fictitious Business Name in violation of the rights of another under Federal, State, or common law (See section 14411 et seq. Business and Professions Code)

Publish: ES Mountain Views News Dates Pub: Jan 14, 21, 28, FEB 4, 2023

FICTITIOUS BUSINESS NAME STATEMENT File No. 2023005123

The following person(s) is (are) doing business as: ISLAND T SHIRTS. 26574 9TH ST APT 210, HIGHLAND, CA 92346. LOS ANGELES COUNTY. Full name of registrant(s) is (are) ABDULLAH RAHEEM BINHIJADI GRAYSON, 26574 9TH ST APT 210, HIGHLAND, CA 92346. This Business is conducted by: AN INDIVIDUAL. Signed: ABDULLAH RAHEEM BINHIJADI GRAYSON, OWNER. This statement was filed with the County Clerk of Los Angeles County on 01/09/2023. The registrant(s) has (have) commenced to transact business under the fictitious business name or names listed above on 04/2021. NOTICE- This Fictitious Name Statement expires five years from the date it was filed in the office of the County Clerk. A new Fictitious Business Name Statement must be filed prior to that date. The filing of this statement does not of itself authorize the use in this state of a Fictitious Business Name in violation of the rights of another under Federal, State, or common law (See section 14411 et seq. Business and Professions Code)

Publish: ES Mountain Views News Dates Pub: Jan 14, 21, 28, FEB 4, 2023

FICTITIOUS BUSINESS NAME STATEMENT File No. 2023005127

The following person(s) is (are) doing business as: HIGHLEVEL. 16417 RINALDI ST, GRANADA HILLS, CA 91344. LOS ANGELES COUNTY. Full name of registrant(s) is (are) SAMVEL AKOPIAN, 16417 RINALDI ST, GRANADA HILLS, CA 91344. This Business is conducted by: AN INDIVIDUAL. Signed: SAMVEL AKOPIAN, OWNER. This statement was filed with the County Clerk of Los Angeles County on 01/09/2023. The registrant(s) has (have) commenced to transact business under the fictitious business name or names listed above on 01/2023. NOTICE- This Fictitious Name Statement expires five years from the date it was filed in the office of the County Clerk. A new Fictitious Business Name Statement must be filed prior to that date. The filing of this statement does not of itself authorize the use in this state of a Fictitious Business Name in violation of the rights of another under Federal, State, or common law (See section 14411 et seq. Business and Professions Code)

Publish: ES Mountain Views News Dates Pub: Jan 14, 21, 28, FEB 4, 2023

FICTITIOUS BUSINESS NAME STATEMENT File No. 2023003947

The following person(s) is (are) doing business as: INCEPTION TECH 123. 5525 CANOGA AVE #322, WOODLAND HILLS, CA 91367. LOS ANGELES COUNTY. Full name of registrant(s) is (are) INCEPTION TECHNOLOGY, INC, 5525 CANOGA AVE 322, WOODLAND HILLS, CA 91367. This Business is conducted by: A CORPORATION. Signed: INCEPTION TECHNOLOGY, INC, ANTONIO TATE, CEO. This statement was filed with the County Clerk of Los Angeles County on 01/05/2023. The registrant(s) has (have) commenced to transact business under the fictitious business name or names listed above on 07/2018. NOTICE- This Fictitious Name Statement expires five years from the date it was filed in the office of the County Clerk. A new Fictitious Business Name Statement must be filed prior to that date. The filing of this statement does not of itself authorize the use in this state of a Fictitious Business Name in violation of the rights of another under Federal, State, or common law (See section 14411 et seq. Business and Professions Code)

Publish: ES Mountain Views News Dates Pub: Jan 14, 21, 28, FEB 4, 2023

FICTITIOUS BUSINESS NAME STATEMENT File No. 2023000700

The following person(s) is (are) doing business as: LUXURY TAX SERVICE. 5444 RENSHAW BLVD 206, LOS ANGELES, CA 90043. LOS ANGELES COUNTY. Full name of registrant(s) is (are) TIFFANY C ZACHERY, 5444 RENSHAW BLVD 206, LOS ANGELES, CA 90043. This Business is conducted by: AN INDIVIDUAL. Signed: TIFFANY C ZACHERY, OWNER. This statement was filed with the County

Clerk of Los Angeles County on 01/03/2023. The registrant(s) has (have) commenced to transact business under the fictitious business name or names listed above on 12/2017. NOTICE- This Fictitious Name Statement expires five years from the date it was filed in the office of the County Clerk. A new Fictitious Business Name Statement must be filed prior to that date. The filing of this statement does not of itself authorize the use in this state of a Fictitious Business Name in violation of the rights of another under Federal, State, or common law (See section 14411 et seq. Business and Professions Code)

Publish: ES Mountain Views News Dates Pub: Jan 14, 21, 28, FEB 4, 2023

FICTITIOUS BUSINESS NAME STATEMENT File No. 2023002969

The following person(s) is (are) doing business as: HAJIAN ACCOUNTING SERVICES. 6617 MORSE AVE, NORTH HOLLYWOOD, CA 91606. LOS ANGELES COUNTY. Full name of registrant(s) is (are) GEVORK HAJIAN, 6617 MORSE AVE, NORTH HOLLYWOOD, CA 91606. This Business is conducted by: AN INDIVIDUAL. Signed: OLGA GRAAM, OWNER. This statement was filed with the County Clerk of Los Angeles County on 01/05/2023. The registrant(s) has (have) commenced to transact business under the fictitious business name or names listed above on 06/2016. NOTICE- This Fictitious Name Statement expires five years from the date it was filed in the office of the County Clerk. A new Fictitious Business Name Statement must be filed prior to that date. The filing of this statement does not of itself authorize the use in this state of a Fictitious Business Name in violation of the rights of another under Federal, State, or common law (See section 14411 et seq. Business and Professions Code)

Publish: ES Mountain Views News Dates Pub: Jan 14, 21, 28, FEB 4, 2023

FICTITIOUS BUSINESS NAME STATEMENT File No. 2023000642

The following person(s) is (are) doing business as: STYLE WEAR SELECTION. 13665 VAN NUYS BLVD, PACOIMA, CA 91331. LOS ANGELES COUNTY. Full name of registrant(s) is (are) WATSANA KONGRAT, 8916 RANCHITO AVENUE, PANORAMA CITY, CA 91402. This Business is conducted by: AN INDIVIDUAL. Signed: WATSANA KONGRAT, OWNER. This statement was filed with the County Clerk of Los Angeles County on 01/03/2023. The registrant(s) has (have) commenced to transact business under the fictitious business name or names listed above on 01/2023. NOTICE- This Fictitious Name Statement expires five years from the date it was filed in the office of the County Clerk. A new Fictitious Business Name Statement must be filed prior to that date. The filing of this statement does not of itself authorize the use in this state of a Fictitious Business Name in violation of the rights of another under Federal, State, or common law (See section 14411 et seq. Business and Professions Code)

Publish: ES Mountain Views News Dates Pub: Jan 14, 21, 28, FEB 4, 2023

FICTITIOUS BUSINESS NAME STATEMENT File No. 2023000969

The following person(s) is (are) doing business as: SUPER BOX ROLL OFF. INC. 4025 EAST AVENUE T-2, PALMDALE, CA 93552. LOS ANGELES COUNTY. ARTICLES OF INCORPORATION NO C3704717. Full name of registrant(s) is (are) SUPER BOX ROLL OFF. INC. 4025 EAST AVENUE T-2, PALMDALE, CA 93552. This Business is conducted by: A CORPORATION. Signed: SUPER BOX ROLL OFF. INC. EDUARDO GONZALEZ, CEO. This statement was filed with the County Clerk of Los Angeles County on 01/06/2023. The registrant(s) has (have) commenced to transact business under the fictitious business name or names listed above on 12/2014. NOTICE- This Fictitious Name Statement expires five years from the date it was filed in the office of the County Clerk. A new Fictitious Business Name Statement must be filed prior to that date. The filing of this statement does not of itself authorize the use in this state of a Fictitious Business Name in violation of the rights of another under Federal, State, or common law (See section 14411 et seq. Business and Professions Code)

Publish: ES Mountain Views News Dates Pub: Jan 14, 21, 28, FEB 4, 2023

FICTITIOUS BUSINESS NAME STATEMENT File No. 2023004017

The following person(s) is (are) doing business as: ALL MARKETING SUPPLY CO. 20929 VENTURA BLVD. SUITE 47-168 WOODLAND HILLS, CA 91364. LOS ANGELES COUNTY. Full name of registrant(s) is (are) SHAWN SAM LIEPER, 20929 VENTURA BLVD. SUITE 47-168 WOODLAND HILLS, CA 91364. This Business is conducted by: AN INDIVIDUAL. Signed: OLGA GRAAM, OWNER. This statement was filed with the County Clerk of Los Angeles County on 01/05/2023. The registrant(s) has (have) commenced to transact business under the fictitious business name or names listed above on 12/2022. NOTICE- This Fictitious Name Statement expires five years from the date it was filed in the office of the County Clerk. A new Fictitious Business Name Statement must be filed prior to that date. The filing of this statement does not of itself authorize the use in this state of a Fictitious Business Name in violation of the rights of another under Federal, State, or common law (See section 14411 et seq. Business and Professions Code)

Publish: ES Mountain Views News Dates Pub: Jan 14, 21, 28, FEB 4, 2023

FICTITIOUS BUSINESS NAME STATEMENT File No. 2023001185

The following person(s) is (are) doing business as: NJ EDDY. 933 N. SIERRA BONITA AVE. APT 7, LOS ANGELES, CA 90046. LOS ANGELES COUNTY. Full name of registrant(s) is (are) NICHOLAS LIPARI, 933 N. SIERRA BONITA AVE. APT 7, LOS ANGELES, CA 90046. This Business is conducted by: AN INDIVIDUAL. Signed: OLGA GRAAM, OWNER. This statement was filed with the County Clerk of Los Angeles County on 01/04/2023. The registrant(s) has (have) commenced to transact business under the fictitious business name or names listed above on 04/2018. NOTICE- This Fictitious Name Statement expires five years from the date it was filed in the office of the County Clerk. A new Fictitious Business Name Statement must be filed prior to that date. The filing of this statement does not of itself authorize the use in this state of a Fictitious Business Name in violation of the rights of another under Federal, State, or common law (See section 14411 et seq. Business and Professions Code)

Publish: ES Mountain Views News Dates Pub: Jan 14, 21, 28, FEB 4, 2023

FICTITIOUS BUSINESS NAME STATEMENT File No. 2023000658

The following person(s) is (are) doing business as: HERMOSILLO POOL PLASTERING. 8720 AMIGO AVE APT 12, NORTH HILLS, CA 91343. LOS ANGELES COUNTY. Full name of registrant(s) is (are) FELIPE DE JESUS HERMOSILLO LOPEZ, 8720 AMIGO AVE APT 12, NORTH HILLS, CA 91343; MARIA DEL CARMEN MAGANA SANCHEZ, 8720 AMIGO AVE APT 12, NORTH HILLS, CA 91343. This Business is conducted by: A GENERAL PARTNERSHIP. Signed: FELIPE DE JESUS HERMOSILLO LOPEZ, GENERAL PARTNER. This statement was filed with the County Clerk of Los Angeles County on 01/03/2023. The registrant(s) has (have) commenced to transact business under the fictitious business name or names listed above on 01/2023. NOTICE- This Fictitious Name Statement expires five years from the date it was filed in the office of the County Clerk.

Publish: ES Mountain Views News Dates Pub: Jan 14, 21, 28, FEB 4, 2023

FICTITIOUS BUSINESS NAME STATEMENT File No. 2023000230

The following person(s) is (are) doing business as: LUXURY TAX SERVICE. 5444 RENSHAW BLVD 206, LOS ANGELES, CA 90043. LOS ANGELES COUNTY. Full name of registrant(s) is (are) TIFFANY C ZACHERY, 5444 RENSHAW BLVD 206, LOS ANGELES, CA 90043. This Business is conducted by: AN INDIVIDUAL. Signed: TIFFANY C ZACHERY, OWNER. This statement was filed with the County Clerk of Los Angeles County on 01/03/2023. The registrant(s) has (have) commenced to transact business under the fictitious business name or names listed above on 12/2017. NOTICE- This Fictitious Name Statement expires five years from the date it was filed in the office of the County Clerk. A new Fictitious Business Name Statement must be filed prior to that date.

Publish: ES Mountain Views News Dates Pub: Jan 14, 21, 28, FEB 4, 2023

Mountain Views News 80 W Sierra Madre Blvd. No. 327 Sierra Madre, Ca. 91024 Office: 626.355.2737 Fax: 626.609.3285 Email: editor@mtnviewsnews.com Website: www.mtnviewsnews.com
